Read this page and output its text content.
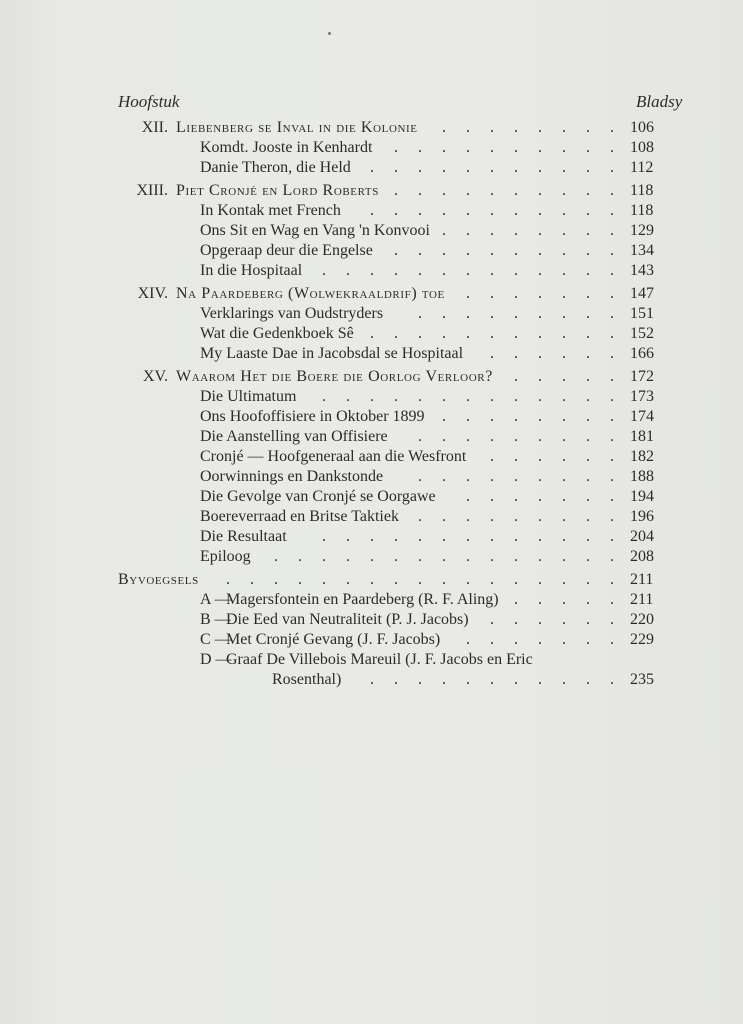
Hoofstuk	Bladsy
XII. Liebenberg se Inval in die Kolonie	106
. . . . . . . .
Komdt. Jooste in Kenhardt	108
. . . . . . . . . .
Danie Theron, die Held	112
. . . . . . . . . . .
XIII. Piet Cronjé en Lord Roberts	118
. . . . . . . . . .
In Kontak met French	118
. . . . . . . . . . .
Ons Sit en Wag en Vang 'n Konvooi	129
. . . . . . . .
Opgeraap deur die Engelse	134
. . . . . . . . . .
In die Hospitaal	143
. . . . . . . . . . . . .
XIV. Na Paardeberg (Wolwekraaldrif) toe	147
. . . . . . .
Verklarings van Oudstryders	151
. . . . . . . . .
Wat die Gedenkboek Sê	152
. . . . . . . . . . .
My Laaste Dae in Jacobsdal se Hospitaal	166
. . . . . .
XV. Waarom Het die Boere die Oorlog Verloor?	172
. . . . .
Die Ultimatum	173
. . . . . . . . . . . . .
Ons Hoofoffisiere in Oktober 1899	174
. . . . . . . .
Die Aanstelling van Offisiere	181
. . . . . . . . .
Cronjé — Hoofgeneraal aan die Wesfront	182
. . . . . .
Oorwinnings en Dankstonde	188
. . . . . . . . .
Die Gevolge van Cronjé se Oorgawe	194
. . . . . . .
Boereverraad en Britse Taktiek	196
. . . . . . . . .
Die Resultaat	204
. . . . . . . . . . . . .
Epiloog	208
. . . . . . . . . . . . . . .
Byvoegsels	211
. . . . . . . . . . . . . . . . .
A —
Magersfontein en Paardeberg (R. F. Aling)	211
. . . . .
B —
Die Eed van Neutraliteit (P. J. Jacobs)	220
. . . . . .
C —
Met Cronjé Gevang (J. F. Jacobs)	229
. . . . . . .
D —
Graaf De Villebois Mareuil (J. F. Jacobs en Eric
Rosenthal)	235
. . . . . . . . . . .
